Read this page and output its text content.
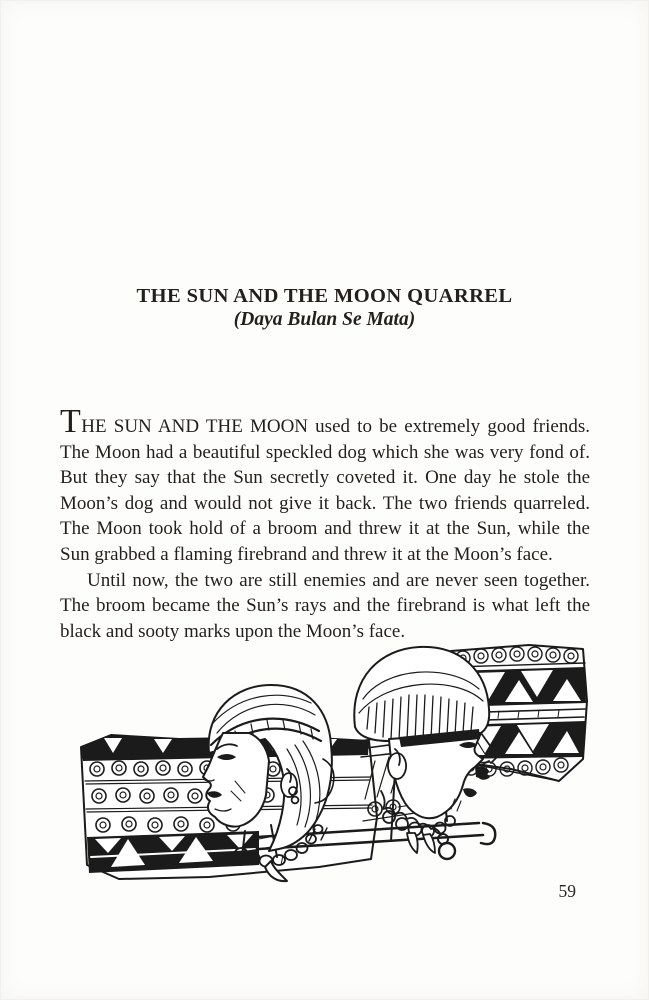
THE SUN AND THE MOON QUARREL
(Daya Bulan Se Mata)

THE SUN AND THE MOON used to be extremely good friends. The Moon had a beautiful speckled dog which she was very fond of. But they say that the Sun secretly coveted it. One day he stole the Moon’s dog and would not give it back. The two friends quarreled. The Moon took hold of a broom and threw it at the Sun, while the Sun grabbed a flaming firebrand and threw it at the Moon’s face.

Until now, the two are still enemies and are never seen together. The broom became the Sun’s rays and the firebrand is what left the black and sooty marks upon the Moon’s face.

59
